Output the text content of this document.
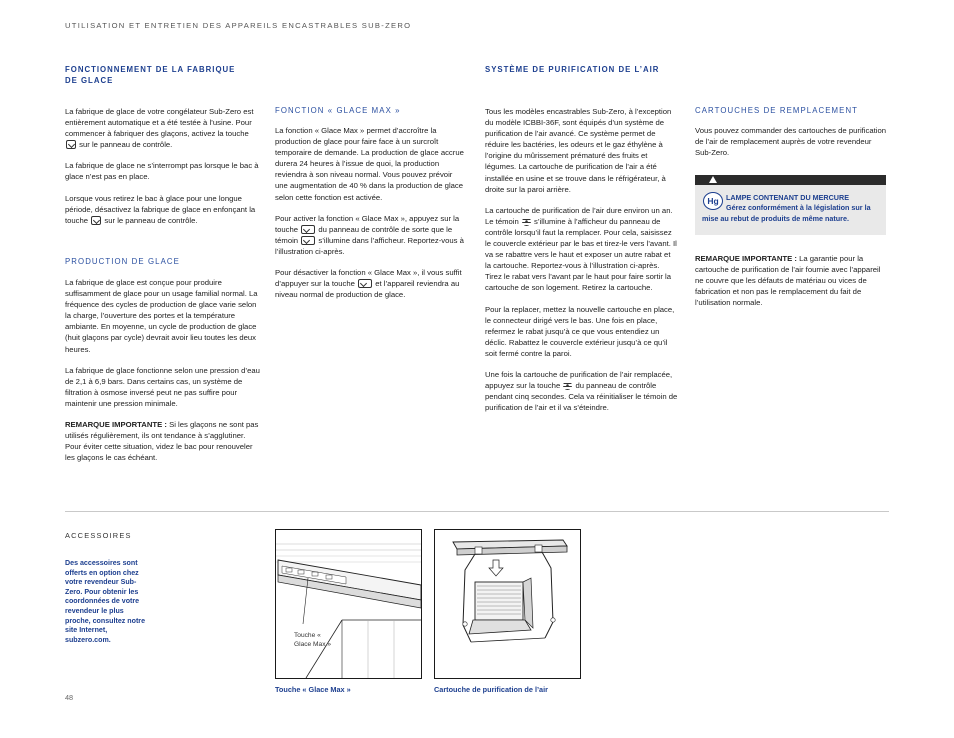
UTILISATION ET ENTRETIEN DES APPAREILS ENCASTRABLES SUB-ZERO
FONCTIONNEMENT DE LA FABRIQUE
DE GLACE

La fabrique de glace de votre congélateur Sub-Zero est entièrement automatique et a été testée à l’usine. Pour commencer à fabriquer des glaçons, activez la touche  sur le panneau de contrôle.

La fabrique de glace ne s’interrompt pas lorsque le bac à glace n’est pas en place.

Lorsque vous retirez le bac à glace pour une longue période, désactivez la fabrique de glace en enfonçant la touche sur le panneau de contrôle.

PRODUCTION DE GLACE

La fabrique de glace est conçue pour produire suffisamment de glace pour un usage familial normal. La fréquence des cycles de production de glace varie selon la charge, l’ouverture des portes et la température ambiante. En moyenne, un cycle de production de glace (huit glaçons par cycle) devrait avoir lieu toutes les deux heures.

La fabrique de glace fonctionne selon une pression d’eau de 2,1 à 6,9 bars. Dans certains cas, un système de filtration à osmose inversé peut ne pas suffire pour maintenir une pression minimale.

REMARQUE IMPORTANTE : Si les glaçons ne sont pas utilisés régulièrement, ils ont tendance à s’agglutiner. Pour éviter cette situation, videz le bac pour renouveler les glaçons le cas échéant.

FONCTION « GLACE MAX »

La fonction « Glace Max » permet d’accroître la production de glace pour faire face à un surcroît temporaire de demande. La production de glace accrue durera 24 heures à l’issue de quoi, la production reviendra à son niveau normal. Vous pouvez prévoir une augmentation de 40 % dans la production de glace selon cette fonction est activée.

Pour activer la fonction « Glace Max », appuyez sur la touche	du panneau de contrôle de sorte que le témoin	s’illumine dans l’afficheur. Reportez-vous à l’illustration ci-après.

Pour désactiver la fonction « Glace Max », il vous suffit d’appuyer sur la touche	et l’appareil reviendra au niveau normal de production de glace.

SYSTÈME DE PURIFICATION DE L’AIR

Tous les modèles encastrables Sub-Zero, à l’exception du modèle ICBBI-36F, sont équipés d’un système de purification de l’air avancé. Ce système permet de réduire les bactéries, les odeurs et le gaz éthylène à l’origine du mûrissement prématuré des fruits et légumes. La cartouche de purification de l’air a été installée en usine et se trouve dans le réfrigérateur, à droite sur la paroi arrière.

La cartouche de purification de l’air dure environ un an. Le témoin s’illumine à l’afficheur du panneau de contrôle lorsqu’il faut la remplacer. Pour cela, saisissez le couvercle extérieur par le bas et tirez-le vers l’avant. Il va se rabattre vers le haut et exposer un autre rabat et la cartouche. Reportez-vous à l’illustration ci-après. Tirez le rabat vers l’avant par le haut pour faire sortir la cartouche de son logement. Retirez la cartouche.

Pour la replacer, mettez la nouvelle cartouche en place, le connecteur dirigé vers le bas. Une fois en place, refermez le rabat jusqu’à ce que vous entendiez un déclic. Rabattez le couvercle extérieur jusqu’à ce qu’il soit fermé contre la paroi.

Une fois la cartouche de purification de l’air remplacée, appuyez sur la touche du panneau de contrôle pendant cinq secondes. Cela va réinitialiser le témoin de purification de l’air et il va s’éteindre.

CARTOUCHES DE REMPLACEMENT

Vous pouvez commander des cartouches de purification de l’air de remplacement auprès de votre revendeur Sub-Zero.

Hg	LAMPE CONTENANT DU MERCURE
Gérez conformément à la législation sur la mise au rebut de produits de même nature.

REMARQUE IMPORTANTE : La garantie pour la cartouche de purification de l’air fournie avec l’appareil ne couvre que les défauts de matériau ou vices de fabrication et non pas le remplacement du fait de l’utilisation normale.

ACCESSOIRES
Des accessoires sont offerts en option chez votre revendeur Sub-Zero. Pour obtenir les coordonnées de votre revendeur le plus proche, consultez notre site Internet, subzero.com.
Touche « Glace Max »
Touche « Glace Max »	Cartouche de purification de l’air
48
